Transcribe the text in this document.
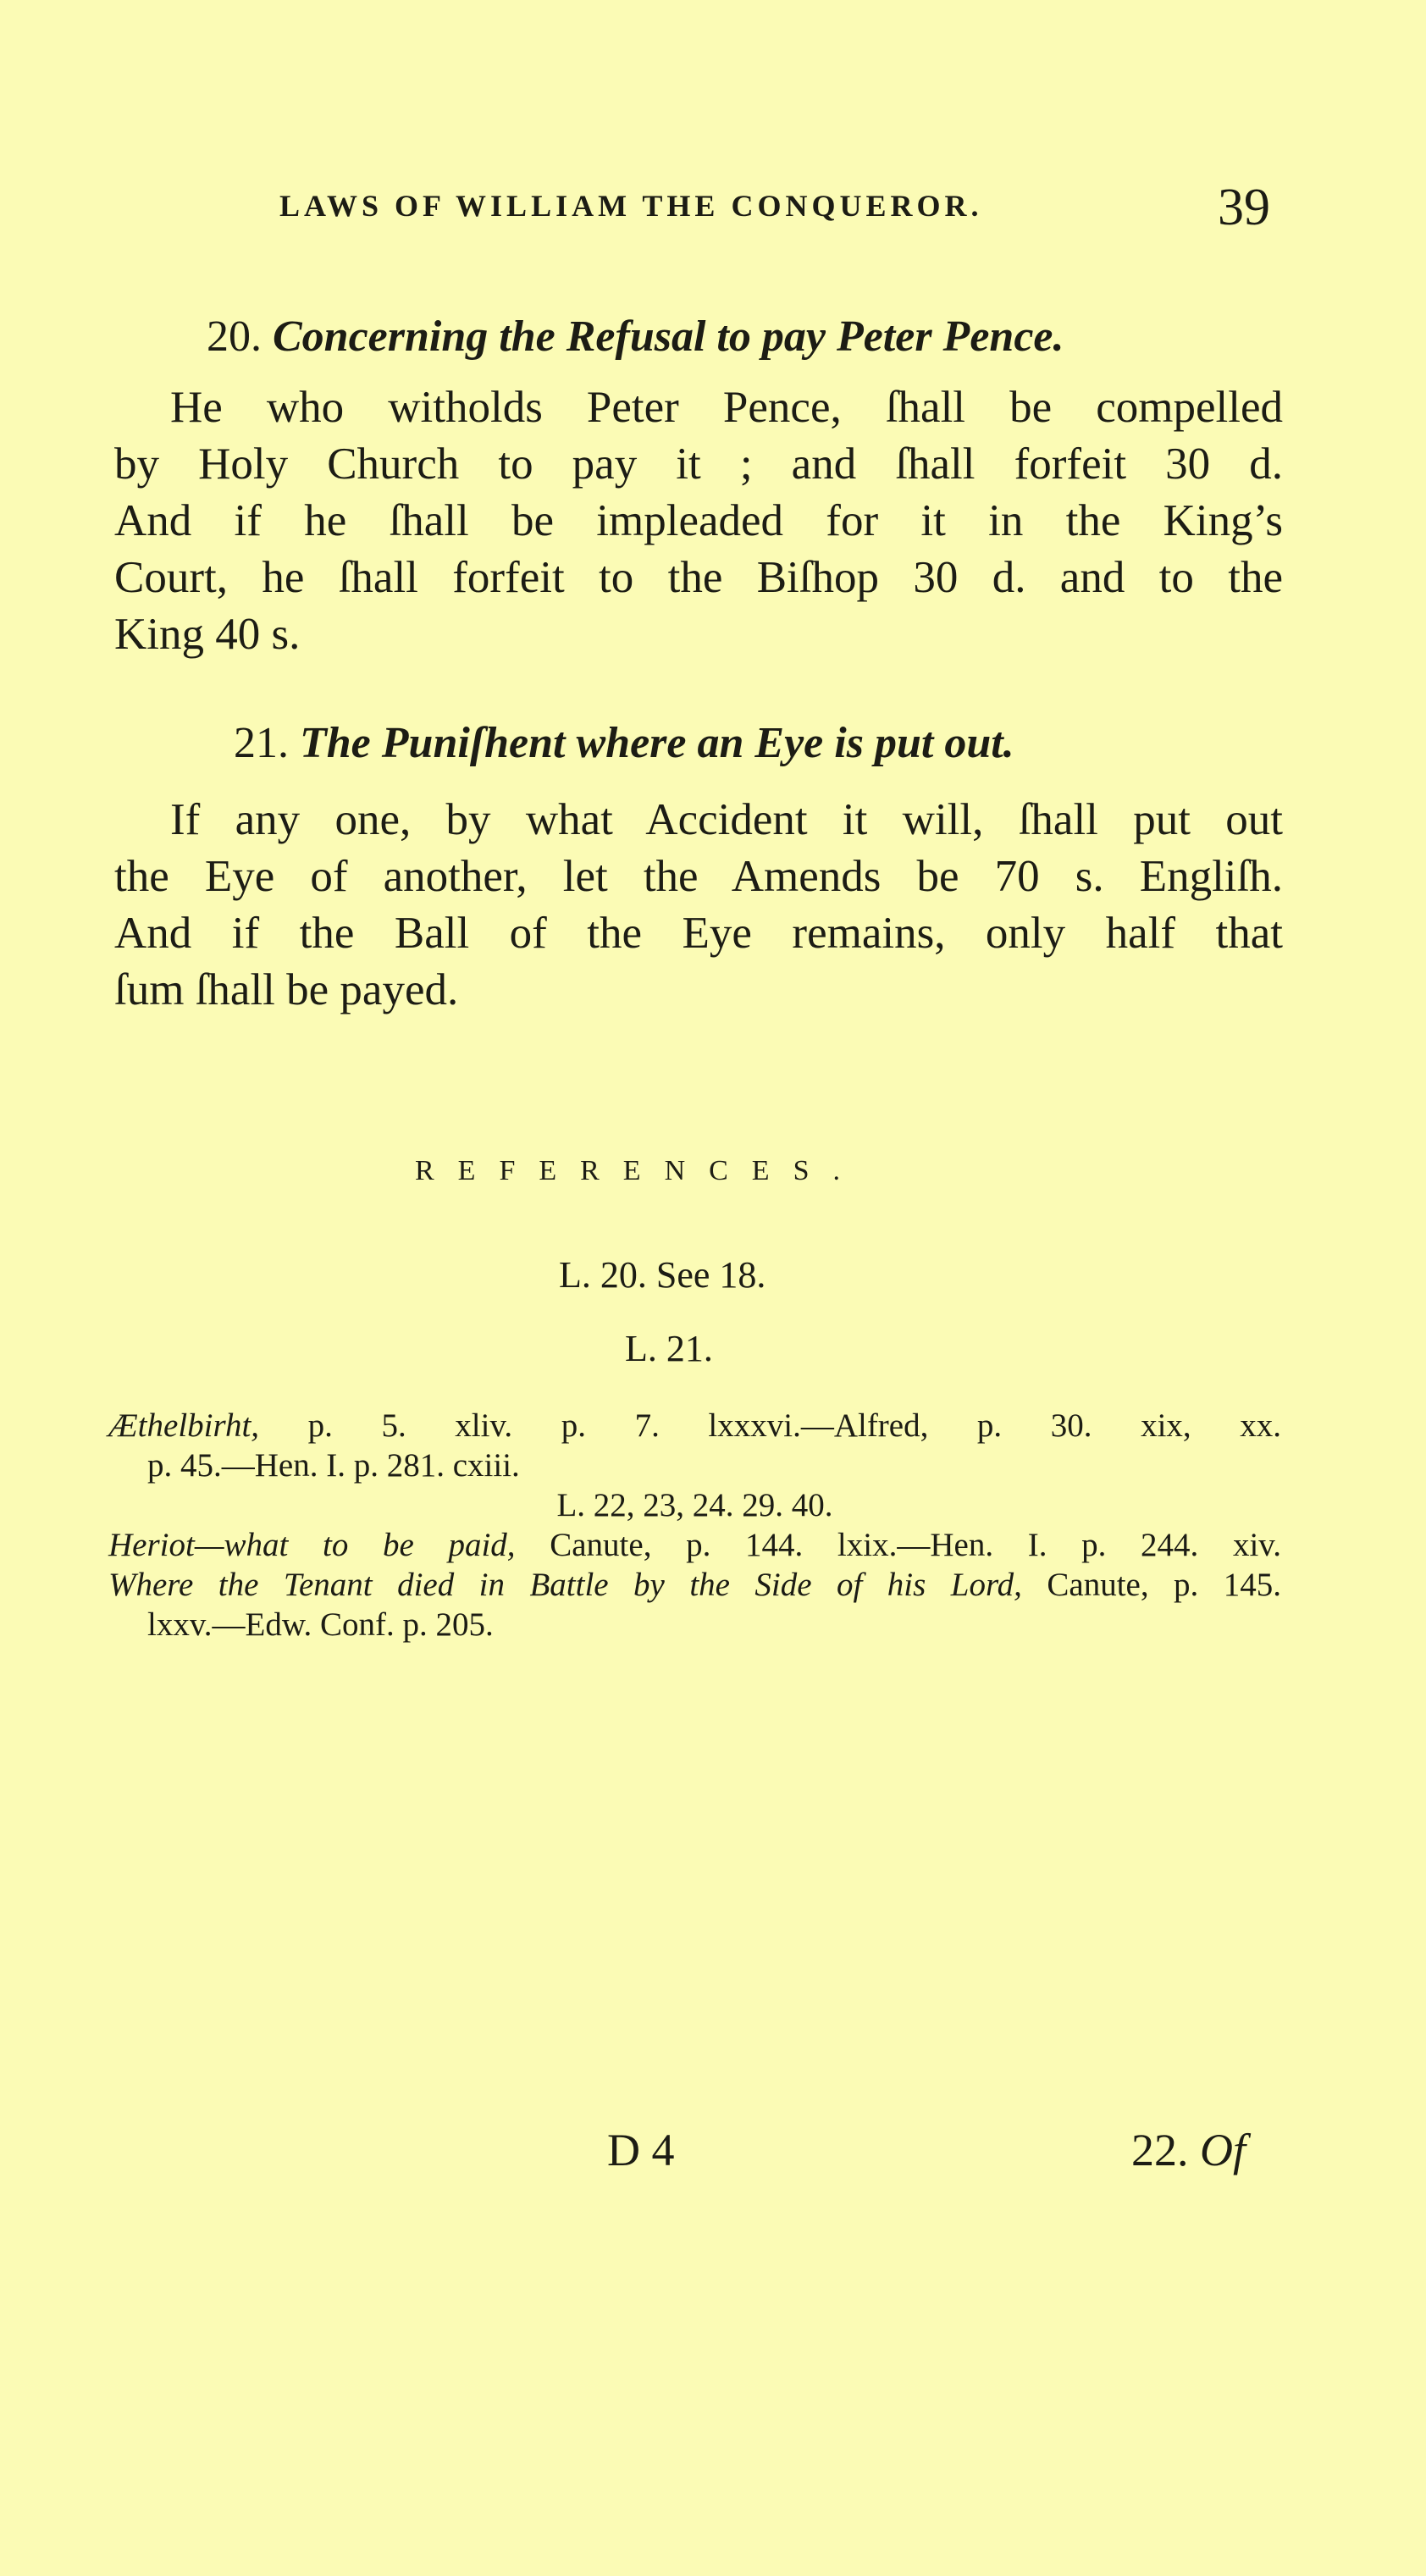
LAWS OF WILLIAM THE CONQUEROR.	39
20. Concerning the Refusal to pay Peter Pence.
He who witholds Peter Pence, ſhall be compelled
by Holy Church to pay it ; and ſhall forfeit 30 d.
And if he ſhall be impleaded for it in the King’s
Court, he ſhall forfeit to the Biſhop 30 d. and to the
King 40 s.
21. The Puniſhent where an Eye is put out.
If any one, by what Accident it will, ſhall put out
the Eye of another, let the Amends be 70 s. Engliſh.
And if the Ball of the Eye remains, only half that
ſum ſhall be payed.
REFERENCES.
L. 20. See 18.
L. 21.
Æthelbirht, p. 5. xliv. p. 7. lxxxvi.—Alfred, p. 30. xix, xx.
p. 45.—Hen. I. p. 281. cxiii.
L. 22, 23, 24. 29. 40.
Heriot—what to be paid, Canute, p. 144. lxix.—Hen. I. p. 244. xiv.
Where the Tenant died in Battle by the Side of his Lord, Canute, p. 145.
lxxv.—Edw. Conf. p. 205.
D 4	22. Of
